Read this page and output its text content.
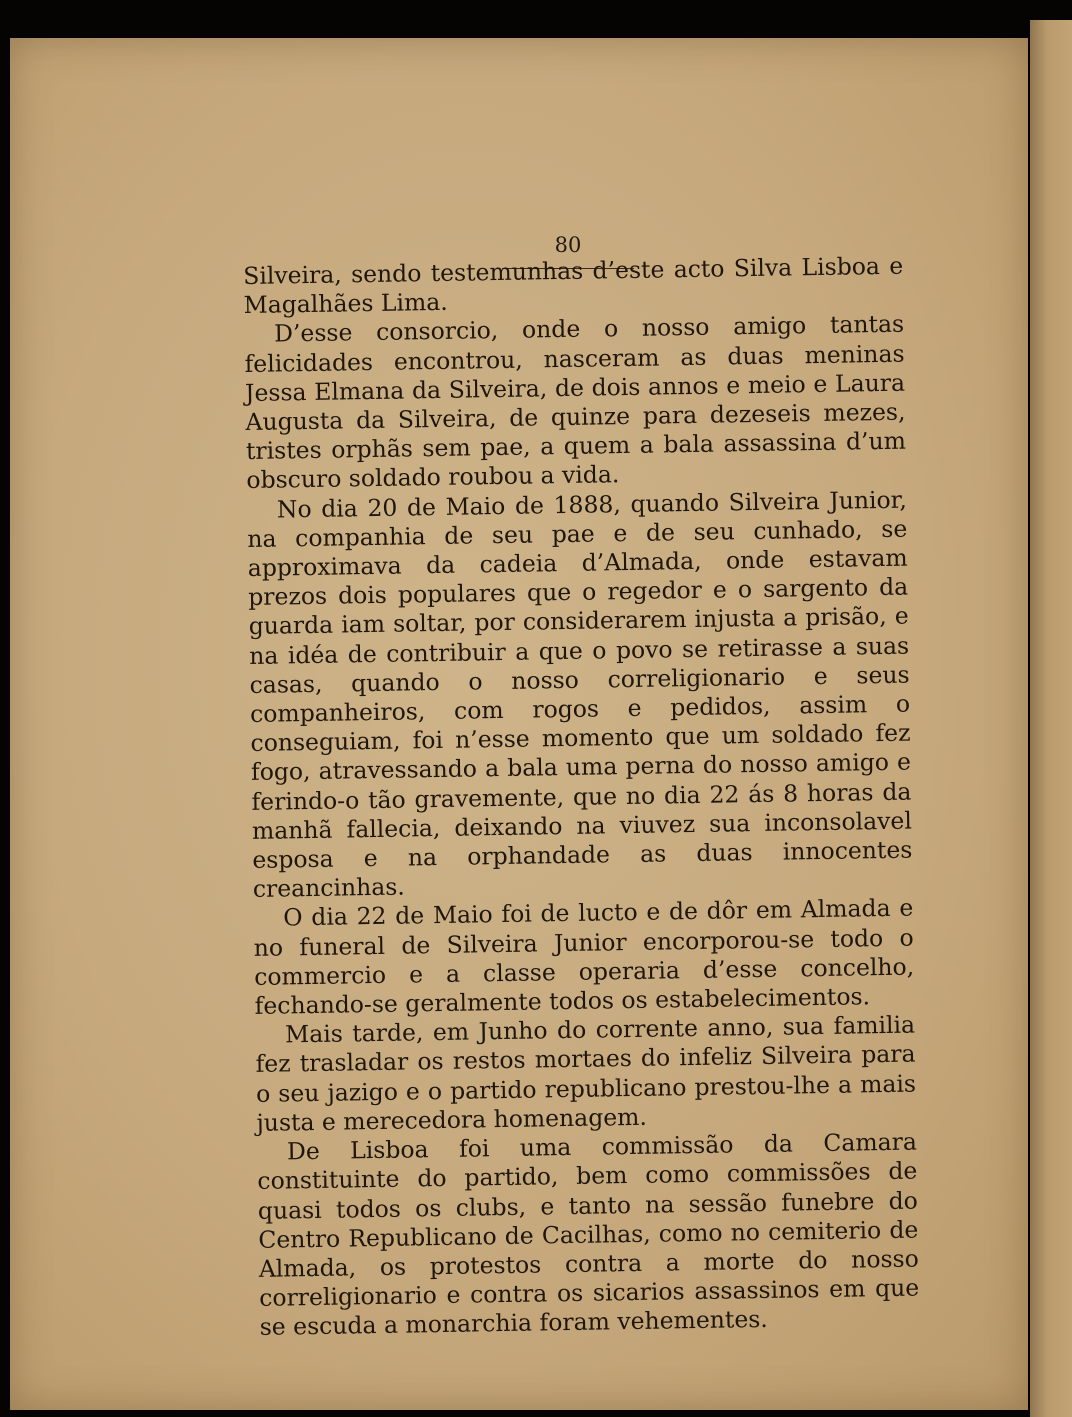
80

Silveira, sendo testemunhas d’este acto Silva Lisboa e Magalhães Lima.

D’esse consorcio, onde o nosso amigo tantas felicidades encontrou, nasceram as duas meninas Jessa Elmana da Silveira, de dois annos e meio e Laura Augusta da Silveira, de quinze para dezeseis mezes, tristes orphãs sem pae, a quem a bala assassina d’um obscuro soldado roubou a vida.

No dia 20 de Maio de 1888, quando Silveira Junior, na companhia de seu pae e de seu cunhado, se approximava da cadeia d’Almada, onde estavam prezos dois populares que o regedor e o sargento da guarda iam soltar, por considerarem injusta a prisão, e na idéa de contribuir a que o povo se retirasse a suas casas, quando o nosso correligionario e seus companheiros, com rogos e pedidos, assim o conseguiam, foi n’esse momento que um soldado fez fogo, atravessando a bala uma perna do nosso amigo e ferindo-o tão gravemente, que no dia 22 ás 8 horas da manhã fallecia, deixando na viuvez sua inconsolavel esposa e na orphandade as duas innocentes creancinhas.

O dia 22 de Maio foi de lucto e de dôr em Almada e no funeral de Silveira Junior encorporou-se todo o commercio e a classe operaria d’esse concelho, fechando-se geralmente todos os estabelecimentos.

Mais tarde, em Junho do corrente anno, sua familia fez trasladar os restos mortaes do infeliz Silveira para o seu jazigo e o partido republicano prestou-lhe a mais justa e merecedora homenagem.

De Lisboa foi uma commissão da Camara constituinte do partido, bem como commissões de quasi todos os clubs, e tanto na sessão funebre do Centro Republicano de Cacilhas, como no cemiterio de Almada, os protestos contra a morte do nosso correligionario e contra os sicarios assassinos em que se escuda a monarchia foram vehementes.
